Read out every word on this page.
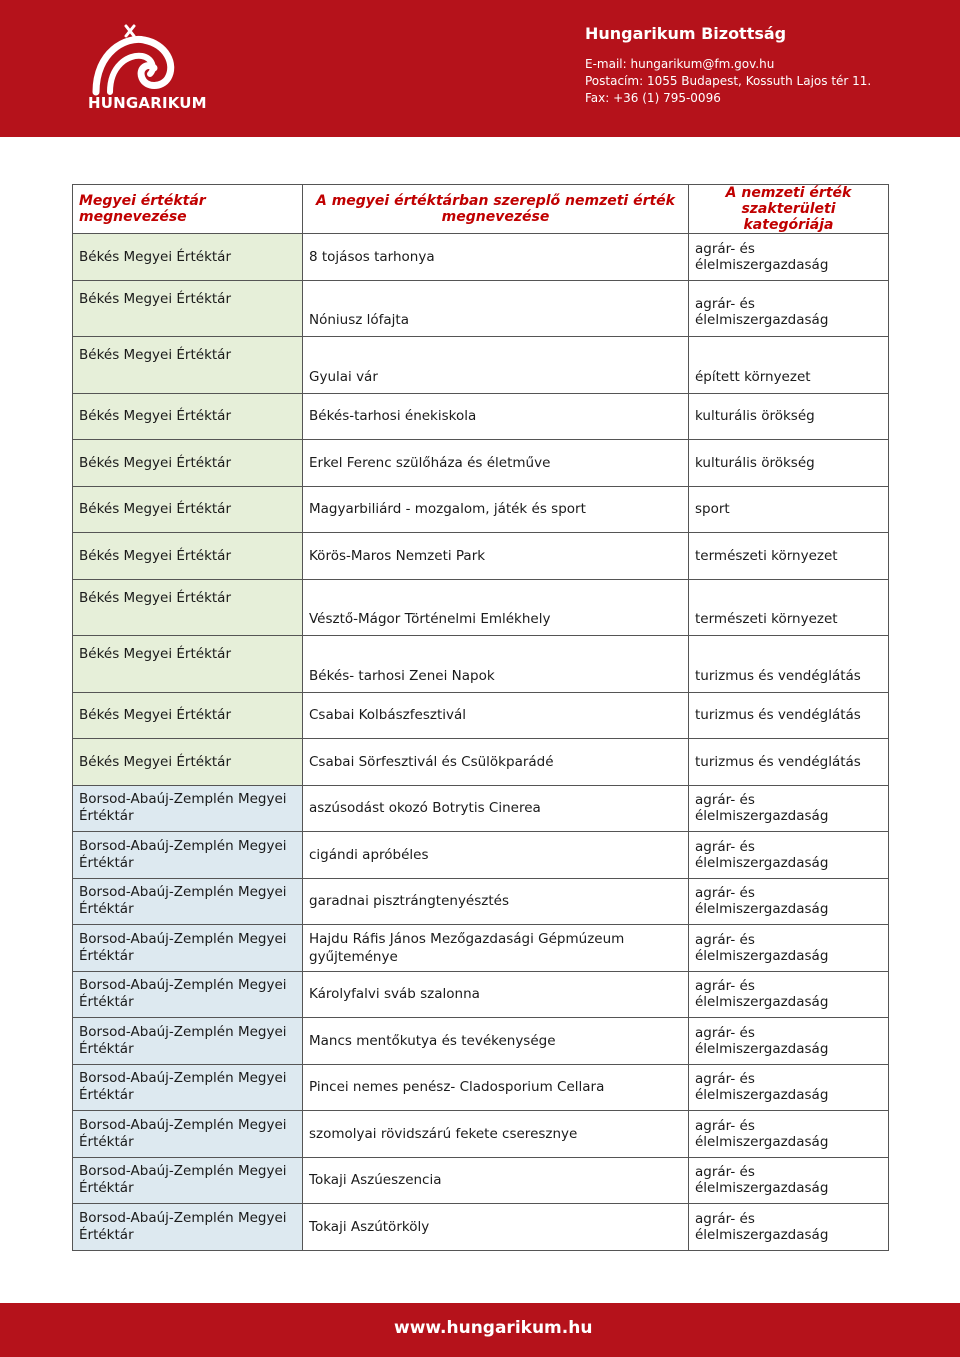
HUNGARIKUM
Hungarikum Bizottság
E-mail: hungarikum@fm.gov.hu
Postacím: 1055 Budapest, Kossuth Lajos tér 11.
Fax: +36 (1) 795-0096
Megyei értéktár megnevezése	A megyei értéktárban szereplő nemzeti érték megnevezése	A nemzeti érték szakterületi kategóriája
Békés Megyei Értéktár	8 tojásos tarhonya	agrár- és élelmiszergazdaság
Békés Megyei Értéktár	Nóniusz lófajta	agrár- és élelmiszergazdaság
Békés Megyei Értéktár	Gyulai vár	épített környezet
Békés Megyei Értéktár	Békés-tarhosi énekiskola	kulturális örökség
Békés Megyei Értéktár	Erkel Ferenc szülőháza és életműve	kulturális örökség
Békés Megyei Értéktár	Magyarbiliárd - mozgalom, játék és sport	sport
Békés Megyei Értéktár	Körös-Maros Nemzeti Park	természeti környezet
Békés Megyei Értéktár	Vésztő-Mágor Történelmi Emlékhely	természeti környezet
Békés Megyei Értéktár	Békés- tarhosi Zenei Napok	turizmus és vendéglátás
Békés Megyei Értéktár	Csabai Kolbászfesztivál	turizmus és vendéglátás
Békés Megyei Értéktár	Csabai Sörfesztivál és Csülökparádé	turizmus és vendéglátás
Borsod-Abaúj-Zemplén Megyei Értéktár	aszúsodást okozó Botrytis Cinerea	agrár- és élelmiszergazdaság
Borsod-Abaúj-Zemplén Megyei Értéktár	cigándi apróbéles	agrár- és élelmiszergazdaság
Borsod-Abaúj-Zemplén Megyei Értéktár	garadnai pisztrángtenyésztés	agrár- és élelmiszergazdaság
Borsod-Abaúj-Zemplén Megyei Értéktár	Hajdu Ráfis János Mezőgazdasági Gépmúzeum gyűjteménye	agrár- és élelmiszergazdaság
Borsod-Abaúj-Zemplén Megyei Értéktár	Károlyfalvi sváb szalonna	agrár- és élelmiszergazdaság
Borsod-Abaúj-Zemplén Megyei Értéktár	Mancs mentőkutya és tevékenysége	agrár- és élelmiszergazdaság
Borsod-Abaúj-Zemplén Megyei Értéktár	Pincei nemes penész- Cladosporium Cellara	agrár- és élelmiszergazdaság
Borsod-Abaúj-Zemplén Megyei Értéktár	szomolyai rövidszárú fekete cseresznye	agrár- és élelmiszergazdaság
Borsod-Abaúj-Zemplén Megyei Értéktár	Tokaji Aszúeszencia	agrár- és élelmiszergazdaság
Borsod-Abaúj-Zemplén Megyei Értéktár	Tokaji Aszútörköly	agrár- és élelmiszergazdaság
www.hungarikum.hu
